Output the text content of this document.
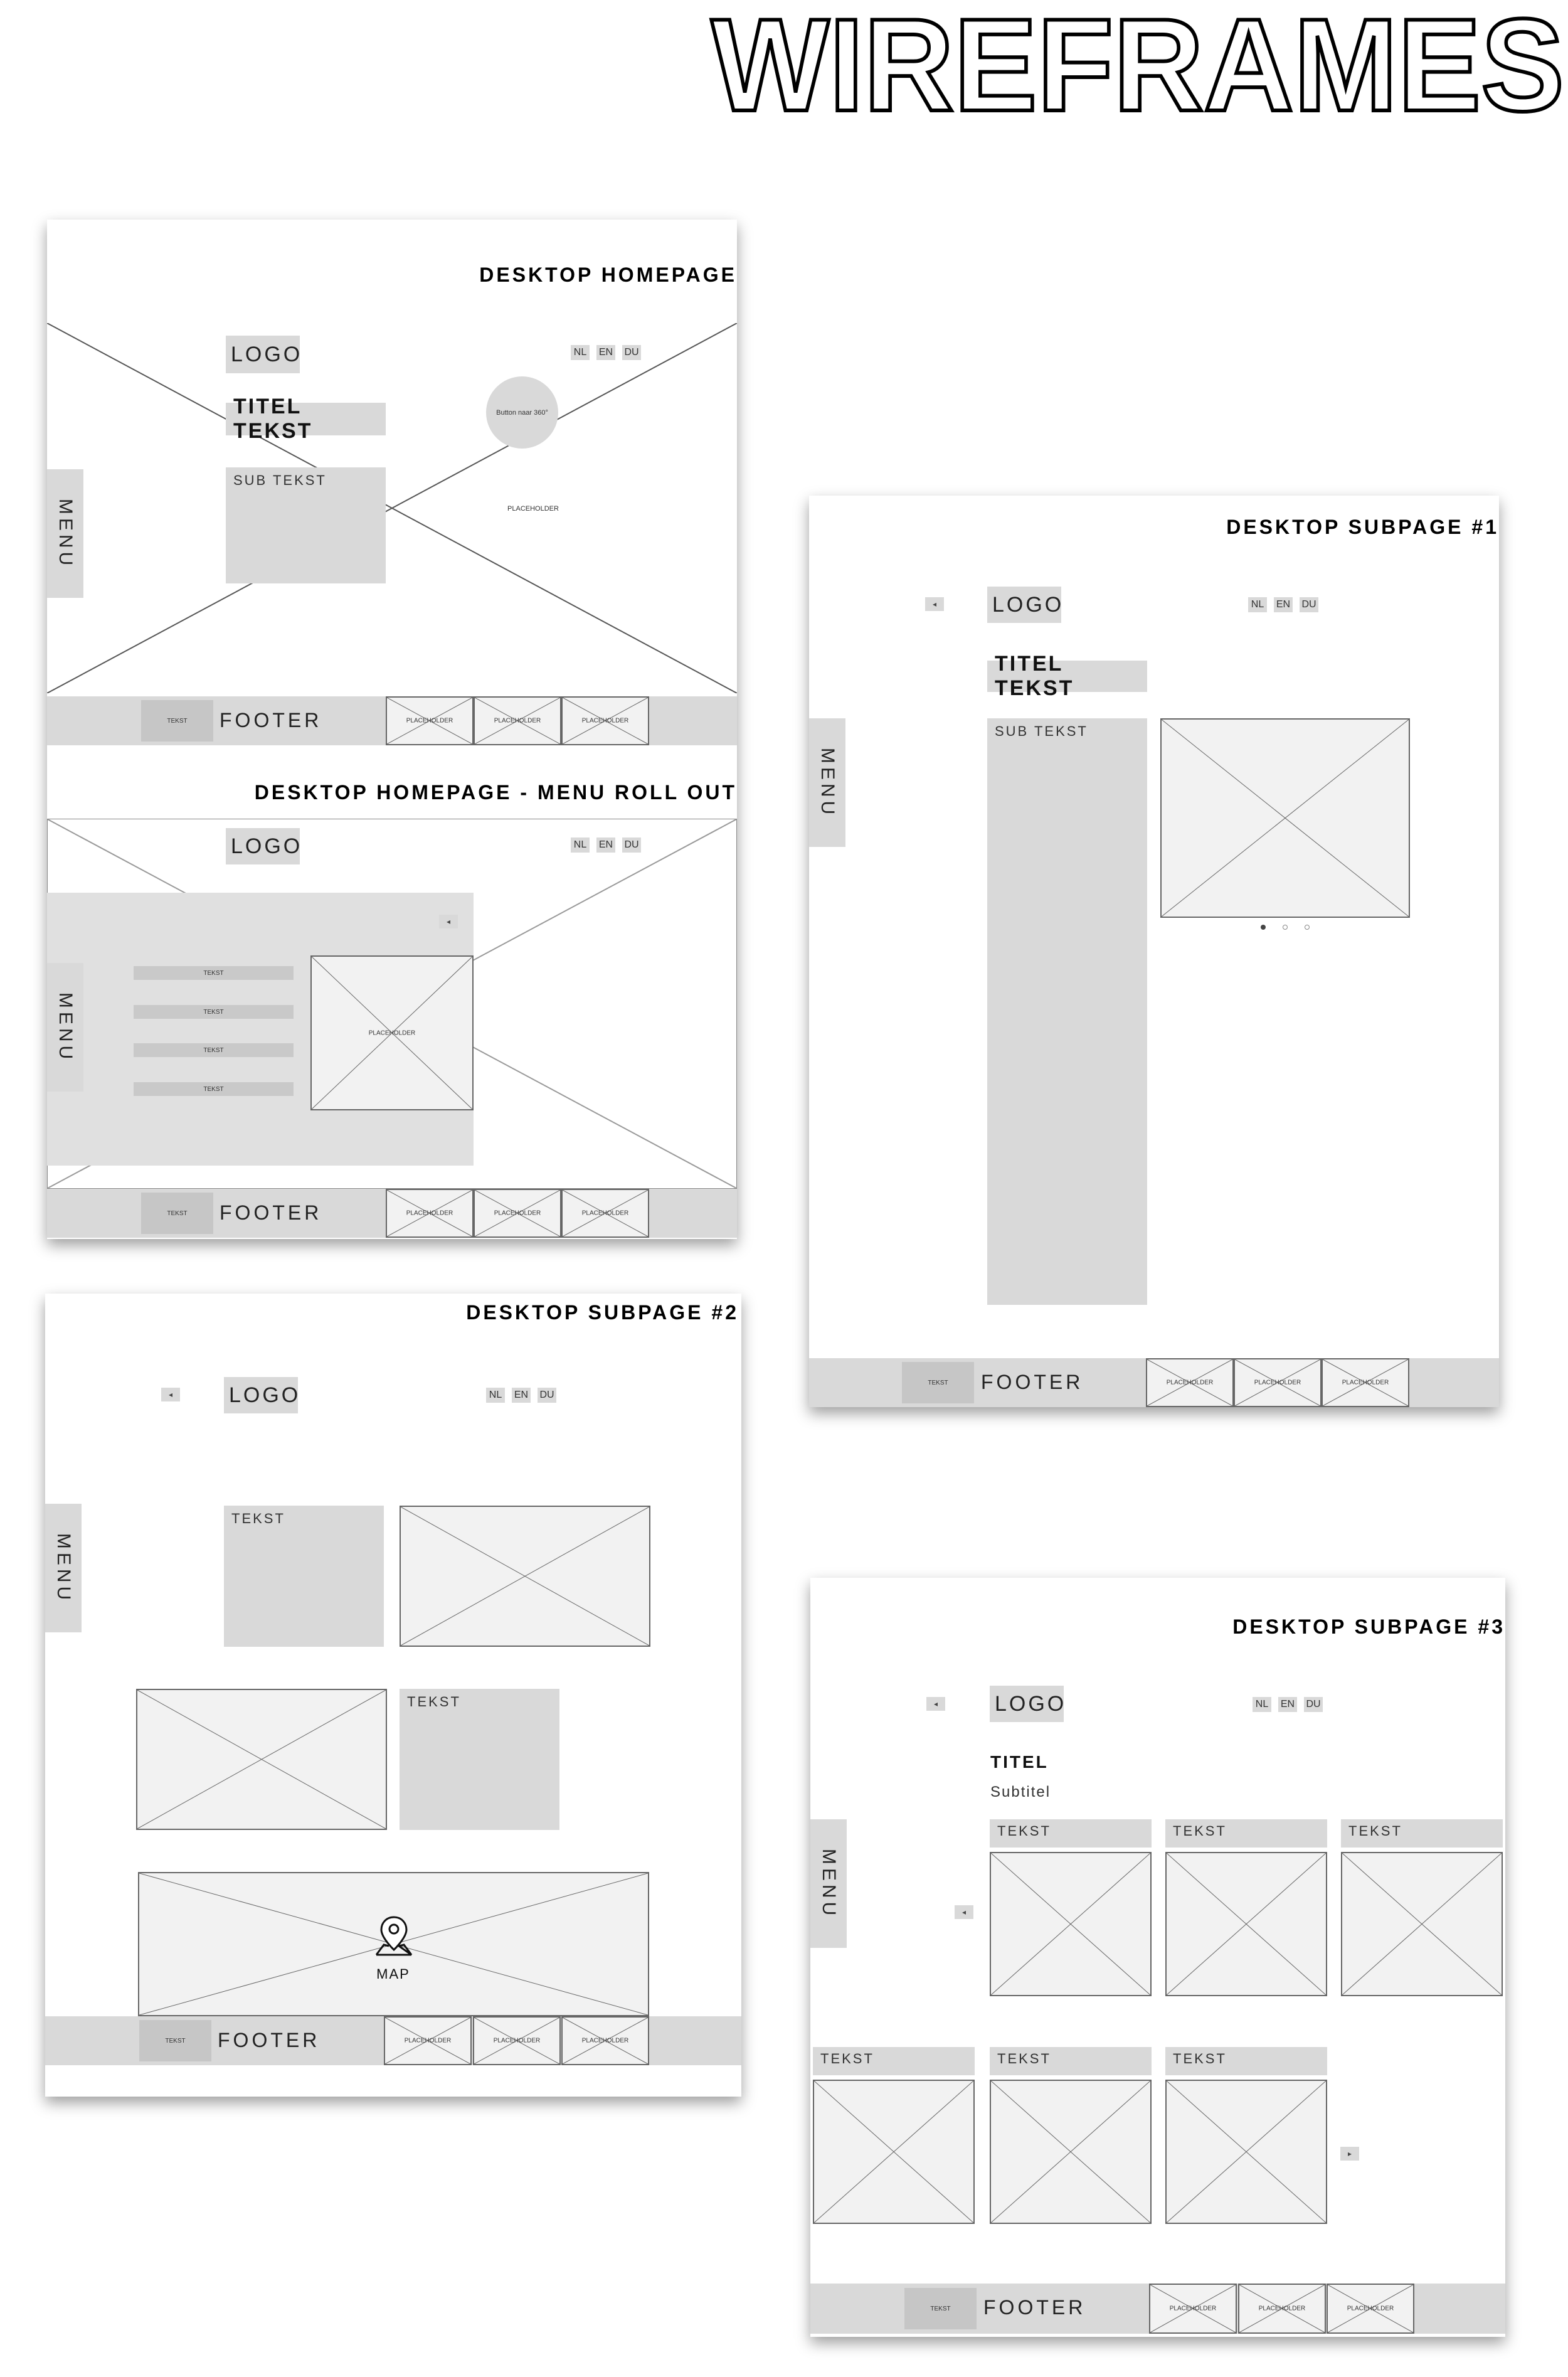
WIREFRAMES
DESKTOP HOMEPAGE
LOGO	NL EN DU
TITEL TEKST
SUB TEKST
Button naar 360°
PLACEHOLDER
MENU
TEKST	FOOTER	PLACEHOLDER	PLACEHOLDER	PLACEHOLDER
DESKTOP HOMEPAGE - MENU ROLL OUT
LOGO	NL EN DU
◂
MENU
TEKST
TEKST
TEKST
TEKST
PLACEHOLDER
TEKST	FOOTER	PLACEHOLDER	PLACEHOLDER	PLACEHOLDER
DESKTOP SUBPAGE #1
◂	LOGO	NL EN DU
TITEL TEKST
SUB TEKST
MENU
TEKST	FOOTER	PLACEHOLDER	PLACEHOLDER	PLACEHOLDER
DESKTOP SUBPAGE #2
◂	LOGO	NL EN DU
MENU
TEKST
TEKST
MAP
TEKST	FOOTER	PLACEHOLDER	PLACEHOLDER	PLACEHOLDER
DESKTOP SUBPAGE #3
◂	LOGO	NL EN DU
TITEL
Subtitel
MENU	◂
TEKST	TEKST	TEKST
TEKST	TEKST	TEKST
▸
TEKST	FOOTER	PLACEHOLDER	PLACEHOLDER	PLACEHOLDER
